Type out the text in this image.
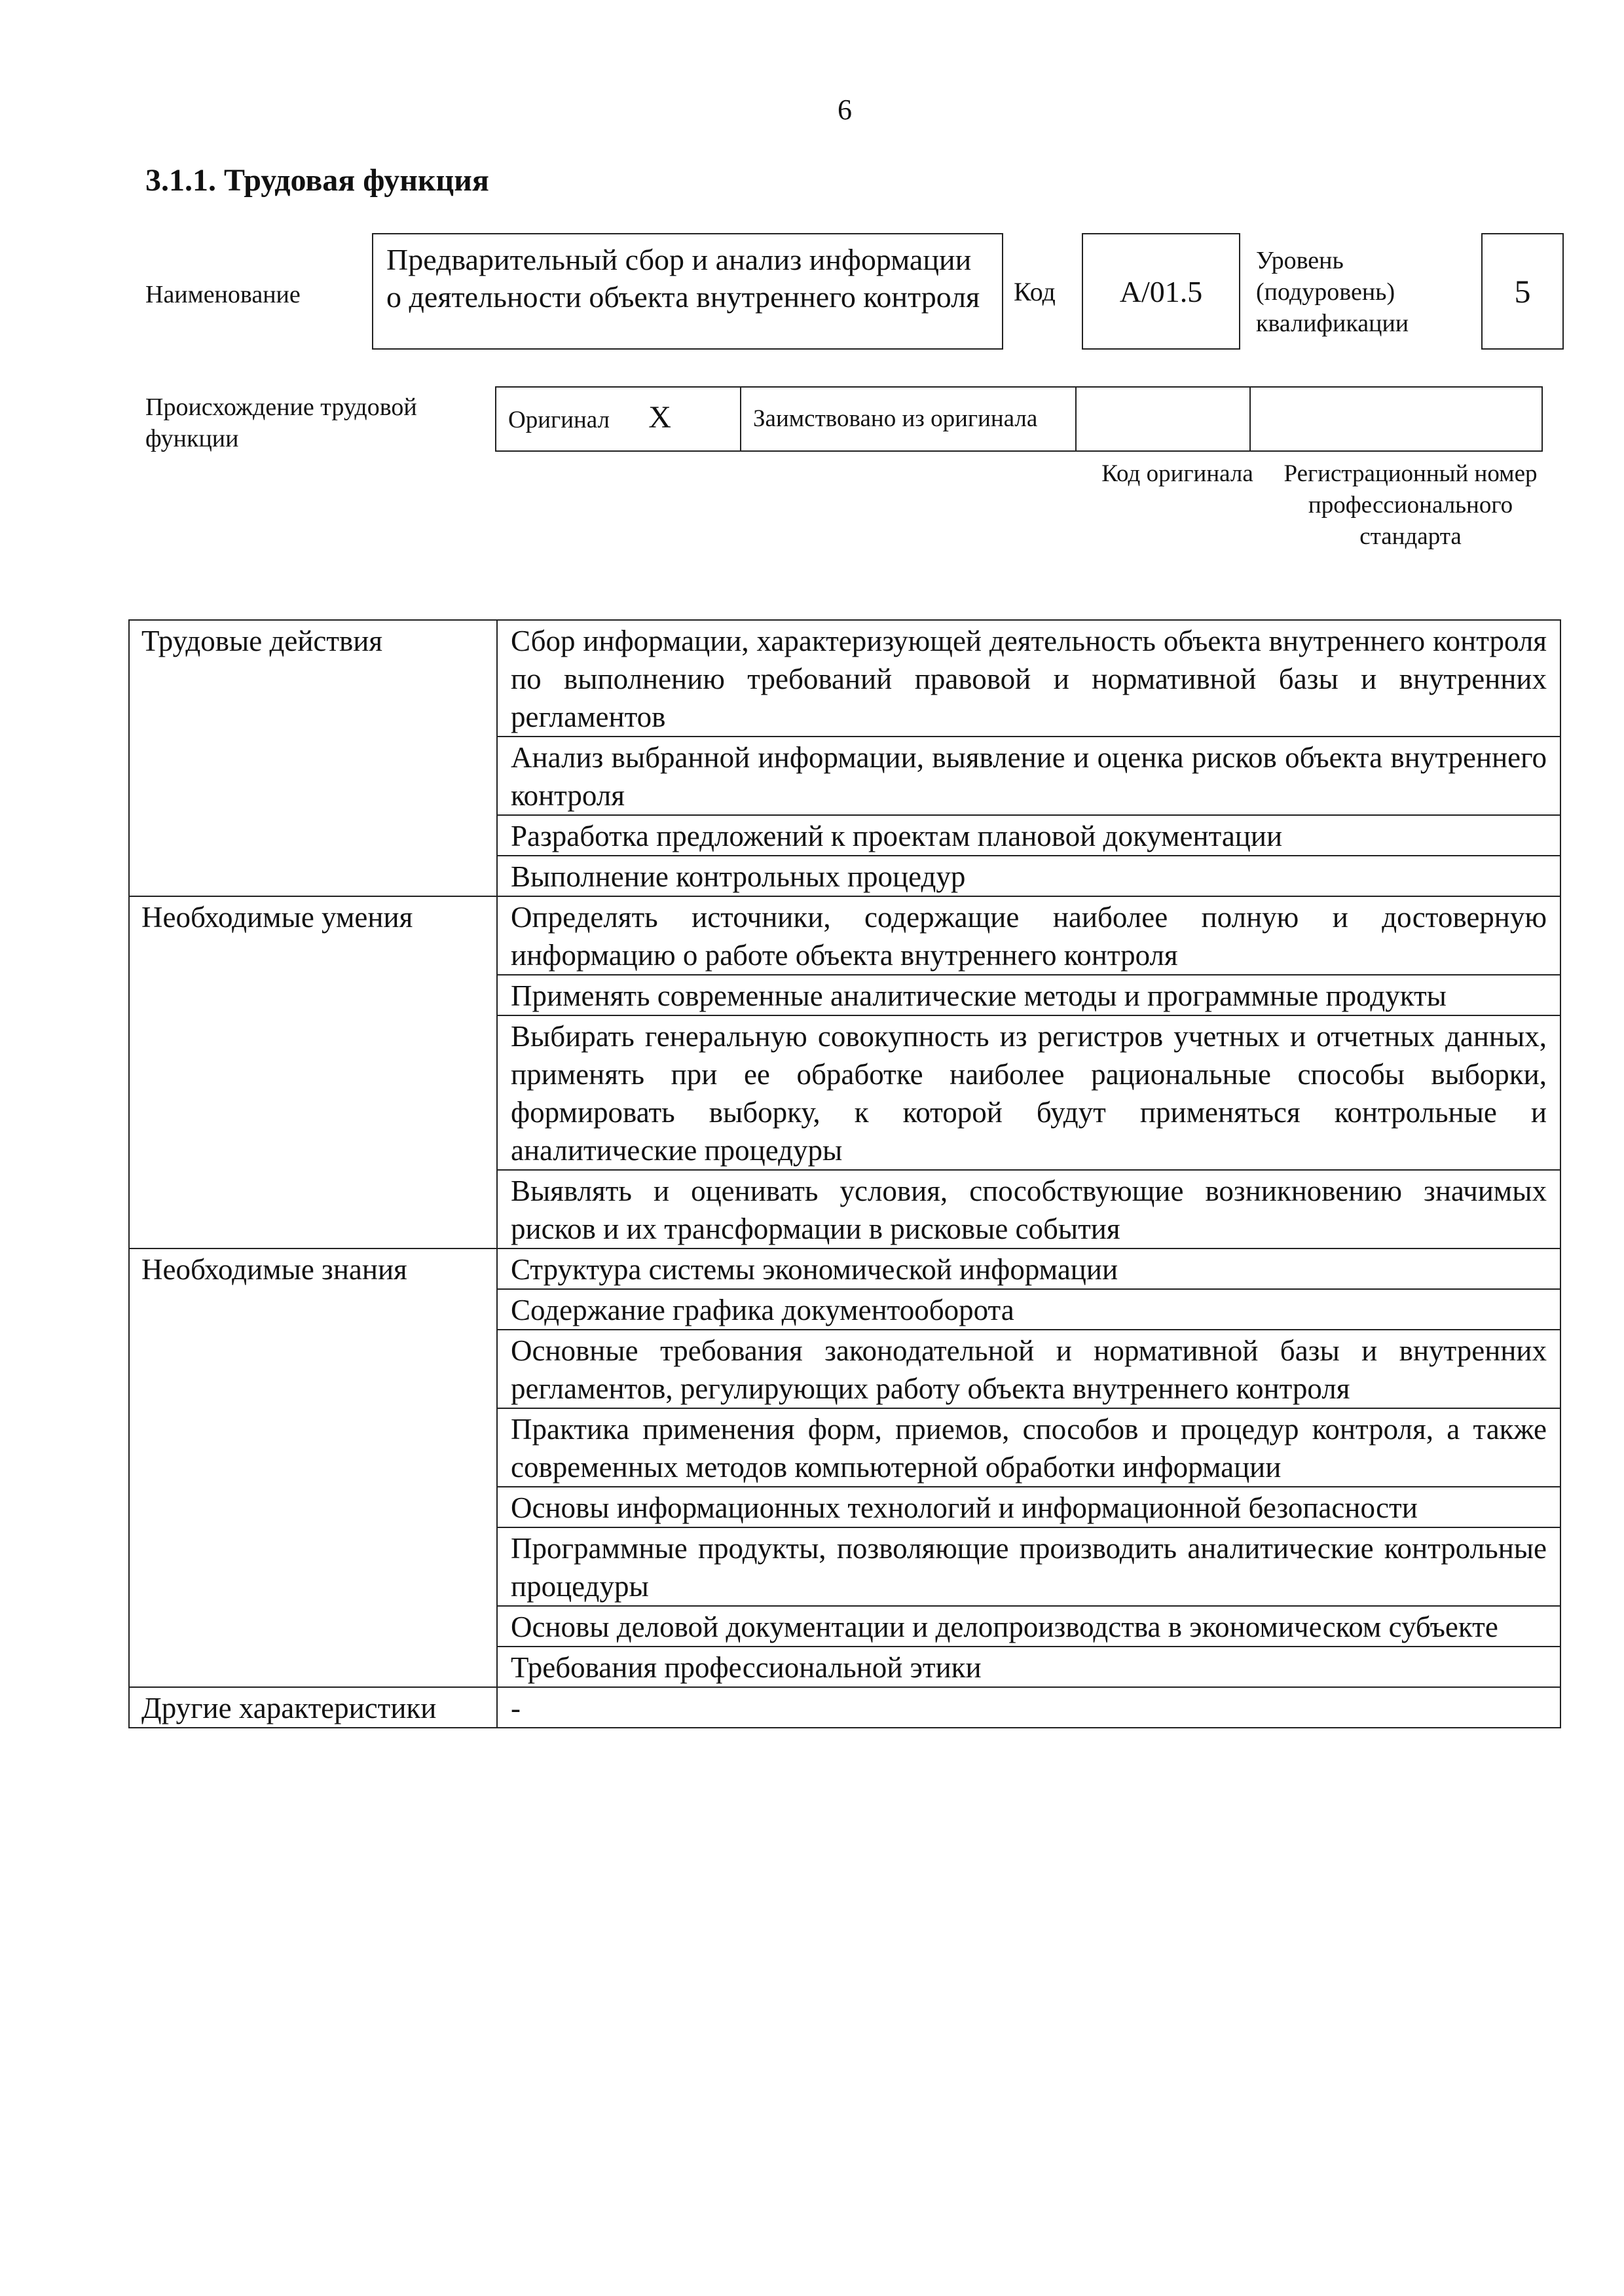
6
3.1.1. Трудовая функция
Наименование
Предварительный сбор и анализ информации о деятельности объекта внутреннего контроля	Код	А/01.5
Уровень (подуровень) квалификации
5
Происхождение трудовой функции
Оригинал X	Заимствовано из оригинала		
Код оригинала	Регистрационный номер профессионального стандарта
Трудовые действия	Сбор информации, характеризующей деятельность объекта внутреннего контроля по выполнению требований правовой и нормативной базы и внутренних регламентов
	Анализ выбранной информации, выявление и оценка рисков объекта внутреннего контроля
	Разработка предложений к проектам плановой документации
	Выполнение контрольных процедур
Необходимые умения	Определять источники, содержащие наиболее полную и достоверную информацию о работе объекта внутреннего контроля
	Применять современные аналитические методы и программные продукты
	Выбирать генеральную совокупность из регистров учетных и отчетных данных, применять при ее обработке наиболее рациональные способы выборки, формировать выборку, к которой будут применяться контрольные и аналитические процедуры
	Выявлять и оценивать условия, способствующие возникновению значимых рисков и их трансформации в рисковые события
Необходимые знания	Структура системы экономической информации
	Содержание графика документооборота
	Основные требования законодательной и нормативной базы и внутренних регламентов, регулирующих работу объекта внутреннего контроля
	Практика применения форм, приемов, способов и процедур контроля, а также современных методов компьютерной обработки информации
	Основы информационных технологий и информационной безопасности
	Программные продукты, позволяющие производить аналитические контрольные процедуры
	Основы деловой документации и делопроизводства в экономическом субъекте
	Требования профессиональной этики
Другие характеристики	-
